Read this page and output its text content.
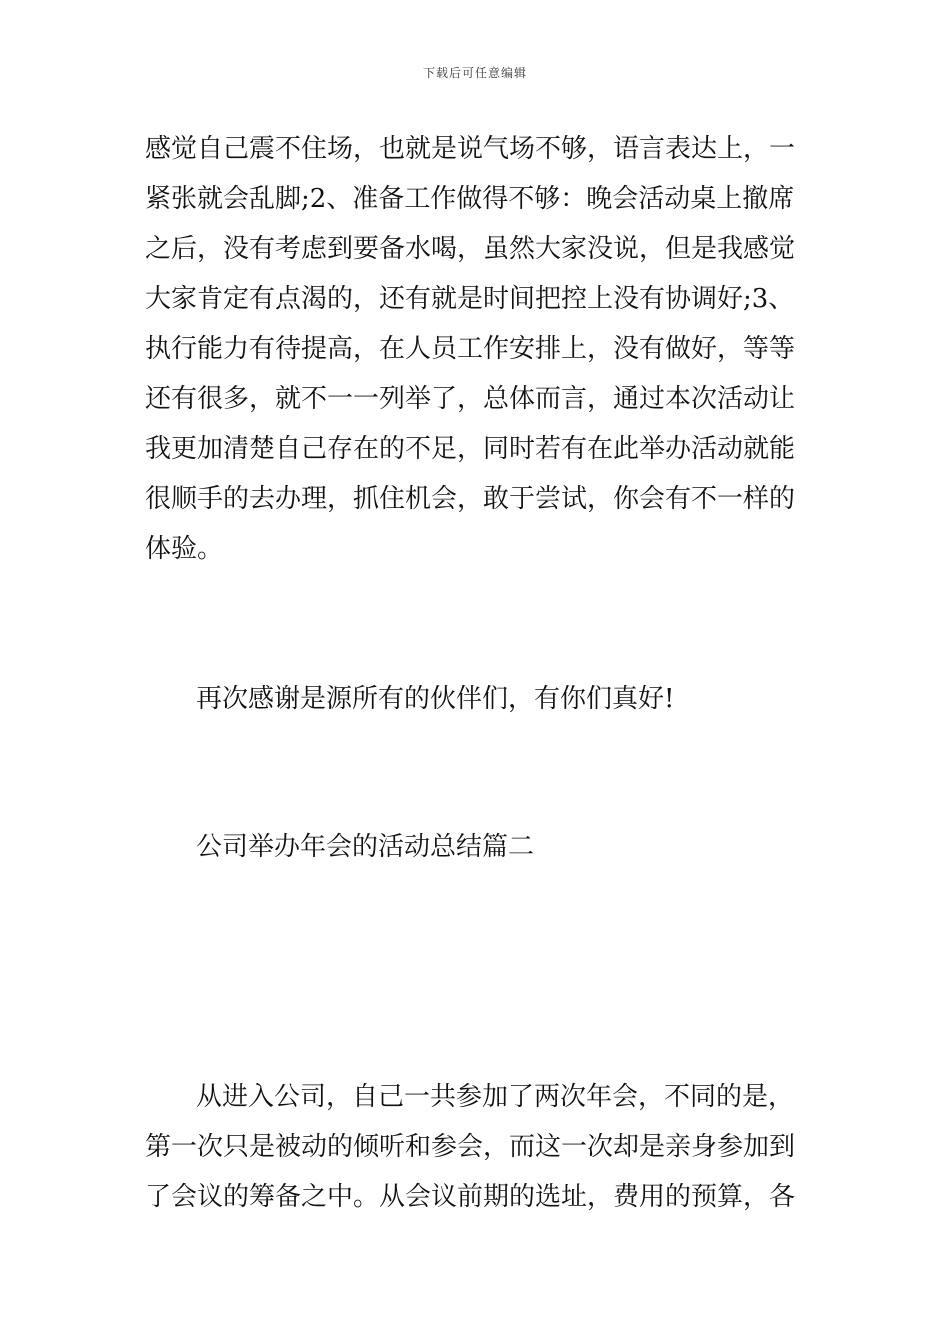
下载后可任意编辑
感觉自己震不住场，也就是说气场不够，语言表达上，一
紧张就会乱脚;2、准备工作做得不够：晚会活动桌上撤席
之后，没有考虑到要备水喝，虽然大家没说，但是我感觉
大家肯定有点渴的，还有就是时间把控上没有协调好;3、
执行能力有待提高，在人员工作安排上，没有做好，等等
还有很多，就不一一列举了，总体而言，通过本次活动让
我更加清楚自己存在的不足，同时若有在此举办活动就能
很顺手的去办理，抓住机会，敢于尝试，你会有不一样的
体验。
再次感谢是源所有的伙伴们，有你们真好!
公司举办年会的活动总结篇二
从进入公司，自己一共参加了两次年会，不同的是，
第一次只是被动的倾听和参会，而这一次却是亲身参加到
了会议的筹备之中。从会议前期的选址，费用的预算，各
